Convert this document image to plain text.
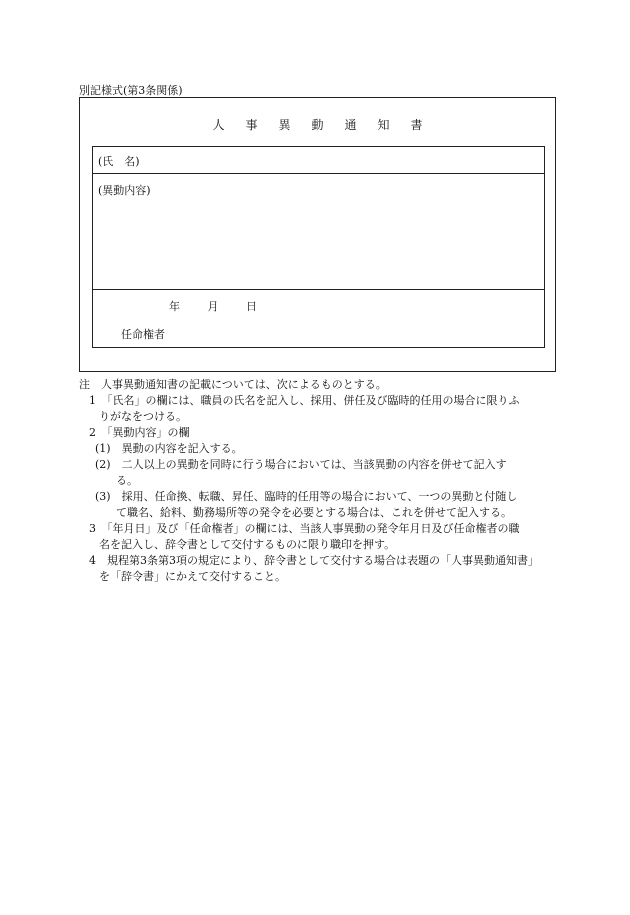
別記様式(第3条関係)
人事異動通知書
(氏　名)
(異動内容)
年	月	日
任命権者
注　人事異動通知書の記載については、次によるものとする。
1　「氏名」の欄には、職員の氏名を記入し、採用、併任及び臨時的任用の場合に限りふ
りがなをつける。
2　「異動内容」の欄
(1)　異動の内容を記入する。
(2)　二人以上の異動を同時に行う場合においては、当該異動の内容を併せて記入す
る。
(3)　採用、任命換、転職、昇任、臨時的任用等の場合において、一つの異動と付随し
て職名、給料、勤務場所等の発令を必要とする場合は、これを併せて記入する。
3　「年月日」及び「任命権者」の欄には、当該人事異動の発令年月日及び任命権者の職
名を記入し、辞令書として交付するものに限り職印を押す。
4　規程第3条第3項の規定により、辞令書として交付する場合は表題の「人事異動通知書」
を「辞令書」にかえて交付すること。
